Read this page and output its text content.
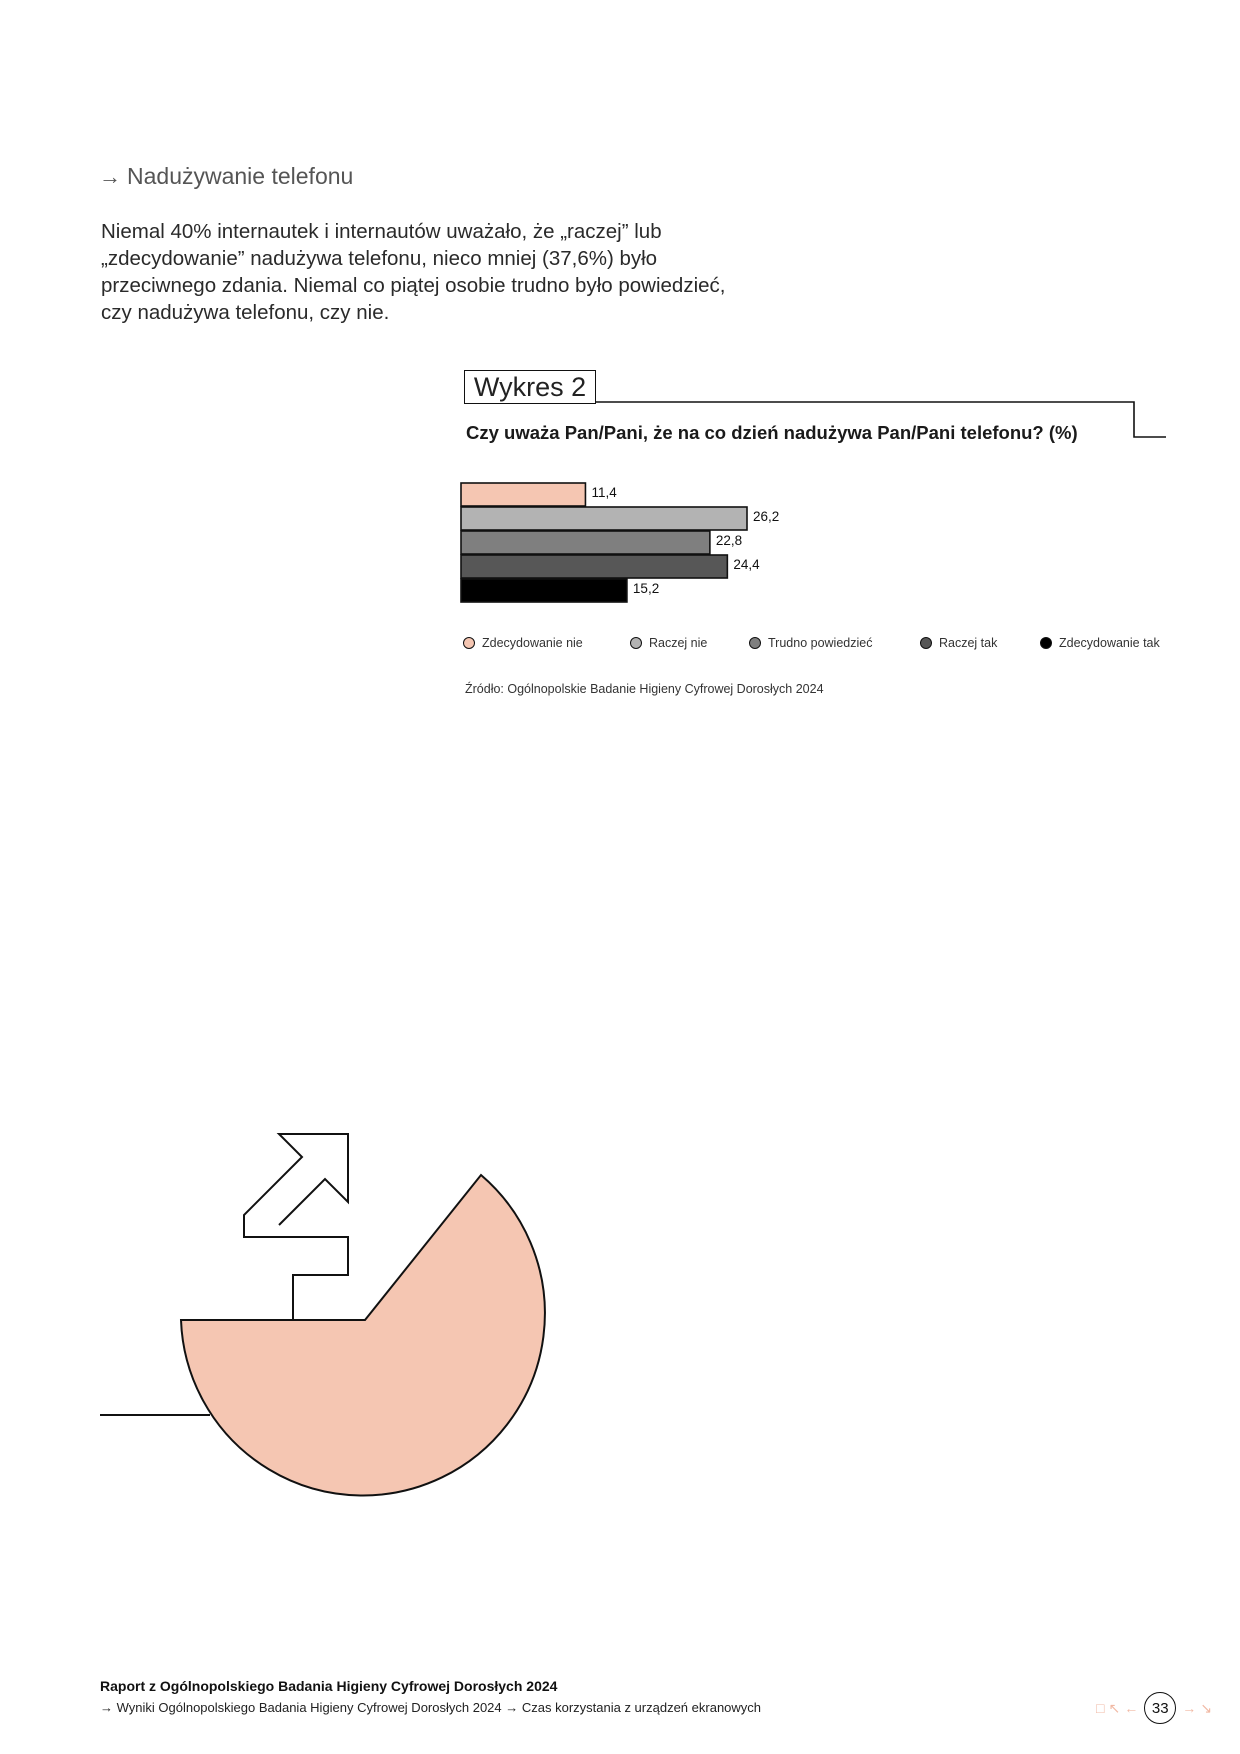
→ Nadużywanie telefonu
Niemal 40% internautek i internautów uważało, że „raczej” lub „zdecydowanie” nadużywa telefonu, nieco mniej (37,6%) było przeciwnego zdania. Niemal co piątej osobie trudno było powiedzieć, czy nadużywa telefonu, czy nie.
Wykres 2
Czy uważa Pan/Pani, że na co dzień nadużywa Pan/Pani telefonu? (%)
11,4
26,2
22,8
24,4
15,2
Zdecydowanie nie	Raczej nie	Trudno powiedzieć	Raczej tak	Zdecydowanie tak
Źródło: Ogólnopolskie Badanie Higieny Cyfrowej Dorosłych 2024
Raport z Ogólnopolskiego Badania Higieny Cyfrowej Dorosłych 2024
→ Wyniki Ogólnopolskiego Badania Higieny Cyfrowej Dorosłych 2024 → Czas korzystania z urządzeń ekranowych	□ ↖ ← 33 → ↘
